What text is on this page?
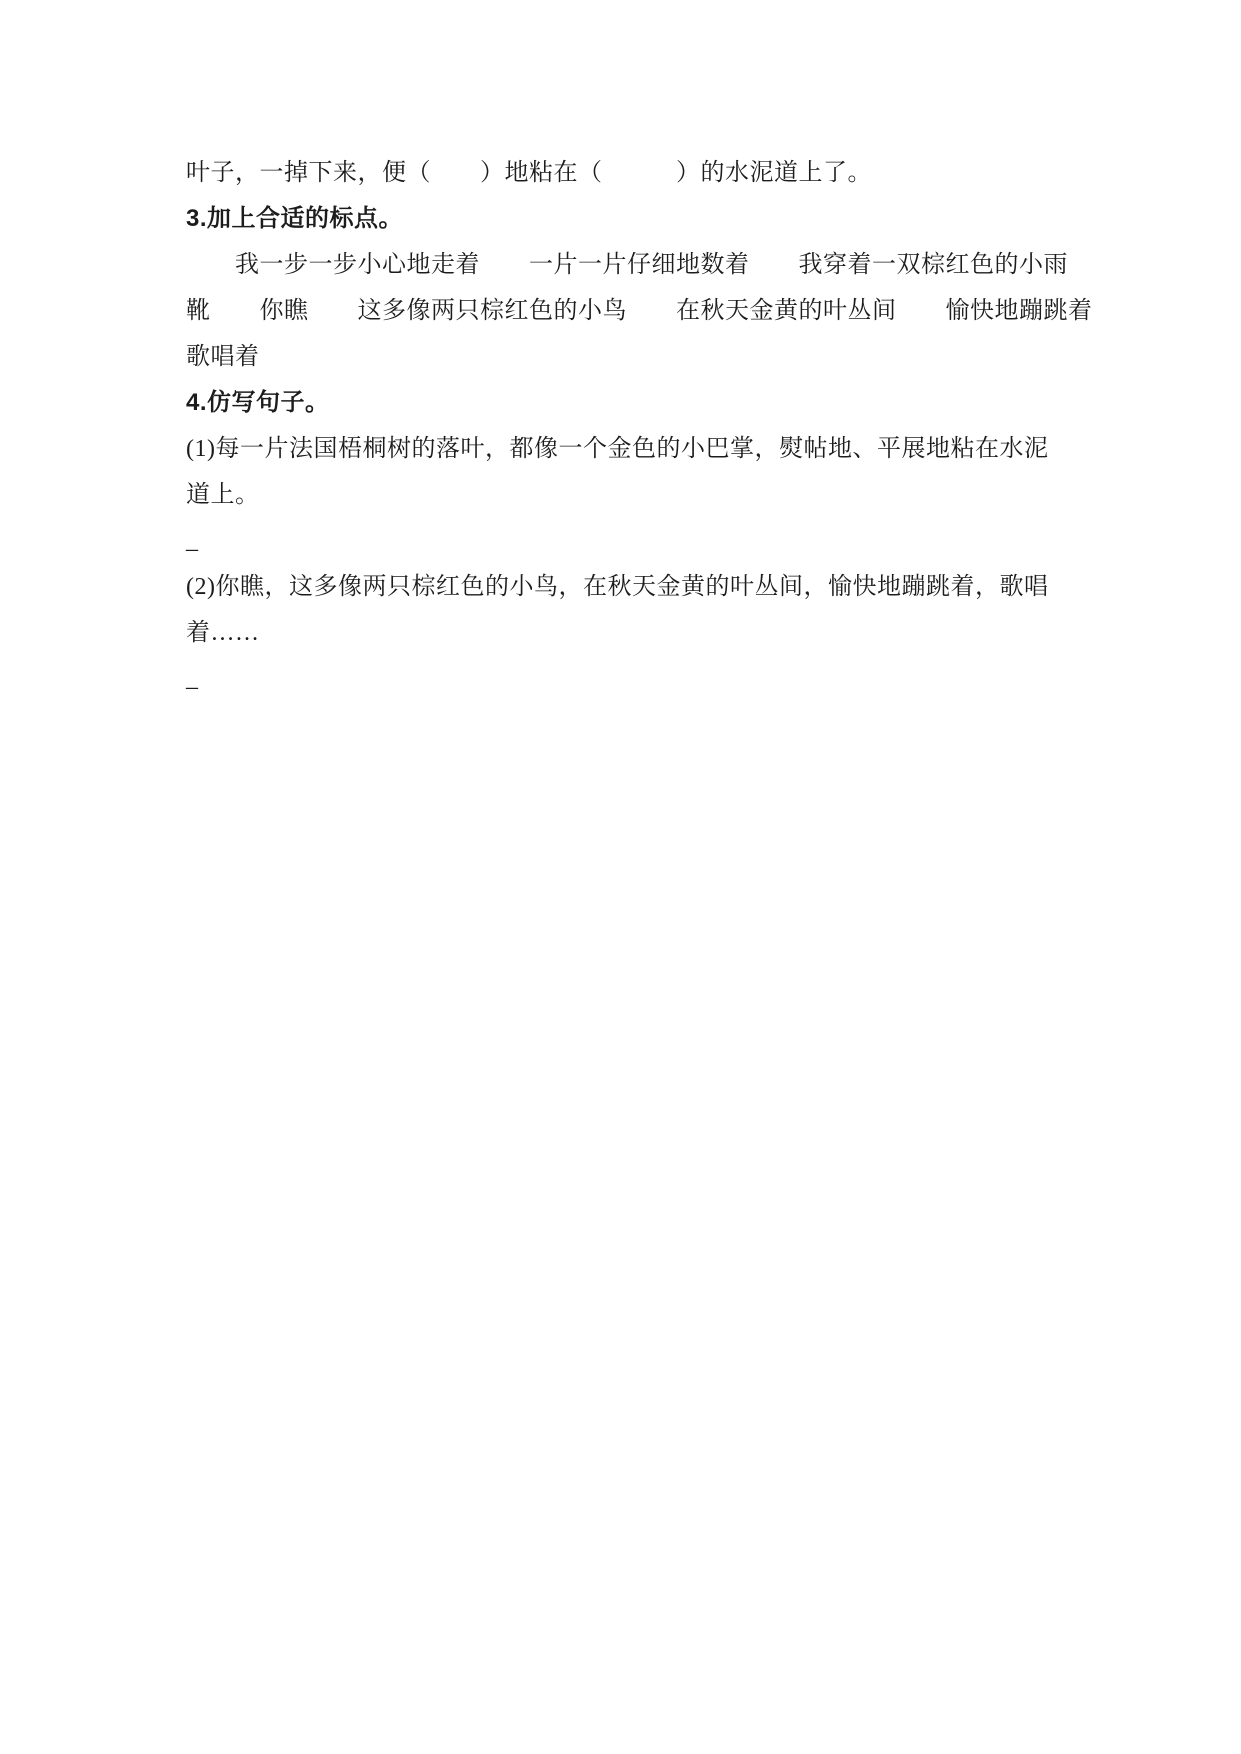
叶子，一掉下来，便（　　）地粘在（　　　）的水泥道上了。
3.加上合适的标点。
　　我一步一步小心地走着　　一片一片仔细地数着　　我穿着一双棕红色的小雨
靴　　你瞧　　这多像两只棕红色的小鸟　　在秋天金黄的叶丛间　　愉快地蹦跳着
歌唱着
4.仿写句子。
(1)每一片法国梧桐树的落叶，都像一个金色的小巴掌，熨帖地、平展地粘在水泥
道上。
_
(2)你瞧，这多像两只棕红色的小鸟，在秋天金黄的叶丛间，愉快地蹦跳着，歌唱
着……
_
